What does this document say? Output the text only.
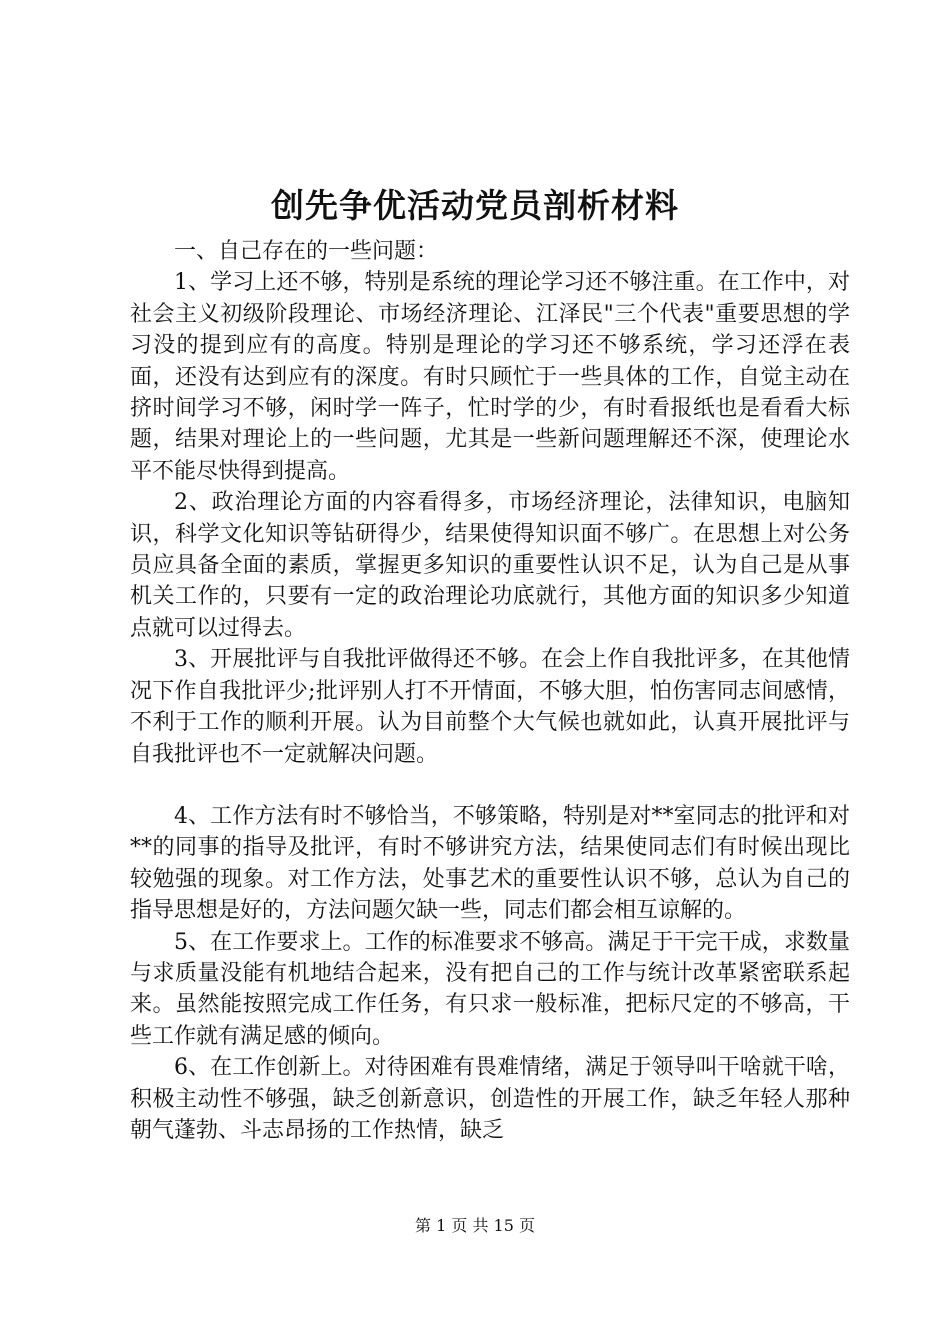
创先争优活动党员剖析材料

一、自己存在的一些问题：

1、学习上还不够，特别是系统的理论学习还不够注重。在工作中，对社会主义初级阶段理论、市场经济理论、江泽民"三个代表"重要思想的学习没的提到应有的高度。特别是理论的学习还不够系统，学习还浮在表面，还没有达到应有的深度。有时只顾忙于一些具体的工作，自觉主动在挤时间学习不够，闲时学一阵子，忙时学的少，有时看报纸也是看看大标题，结果对理论上的一些问题，尤其是一些新问题理解还不深，使理论水平不能尽快得到提高。

2、政治理论方面的内容看得多，市场经济理论，法律知识，电脑知识，科学文化知识等钻研得少，结果使得知识面不够广。在思想上对公务员应具备全面的素质，掌握更多知识的重要性认识不足，认为自己是从事机关工作的，只要有一定的政治理论功底就行，其他方面的知识多少知道点就可以过得去。

3、开展批评与自我批评做得还不够。在会上作自我批评多，在其他情况下作自我批评少;批评别人打不开情面，不够大胆，怕伤害同志间感情，不利于工作的顺利开展。认为目前整个大气候也就如此，认真开展批评与自我批评也不一定就解决问题。

4、工作方法有时不够恰当，不够策略，特别是对**室同志的批评和对**的同事的指导及批评，有时不够讲究方法，结果使同志们有时候出现比较勉强的现象。对工作方法，处事艺术的重要性认识不够，总认为自己的指导思想是好的，方法问题欠缺一些，同志们都会相互谅解的。

5、在工作要求上。工作的标准要求不够高。满足于干完干成，求数量与求质量没能有机地结合起来，没有把自己的工作与统计改革紧密联系起来。虽然能按照完成工作任务，有只求一般标准，把标尺定的不够高，干些工作就有满足感的倾向。

6、在工作创新上。对待困难有畏难情绪，满足于领导叫干啥就干啥，积极主动性不够强，缺乏创新意识，创造性的开展工作，缺乏年轻人那种朝气蓬勃、斗志昂扬的工作热情，缺乏

第 1 页 共 15 页
